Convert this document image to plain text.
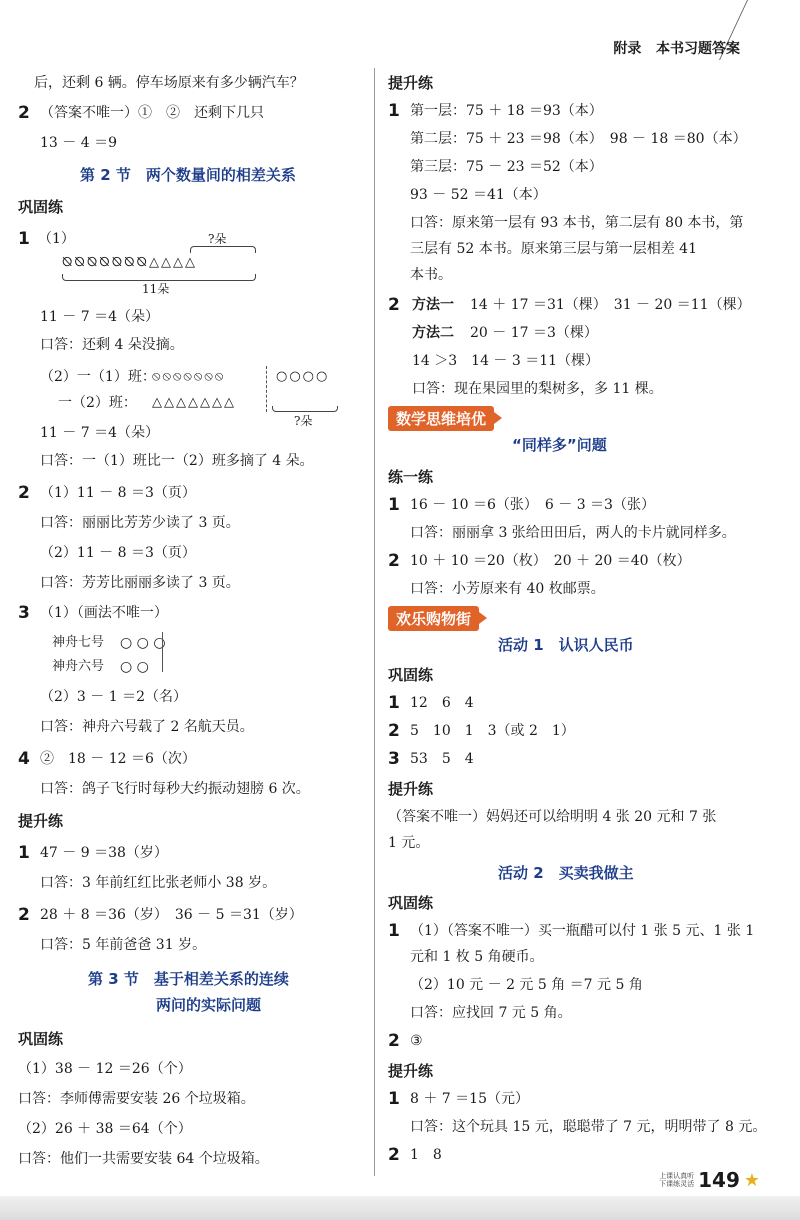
附录 本书习题答案
后，还剩 6 辆。停车场原来有多少辆汽车？
2 （答案不唯一）①　②　还剩下几只
13 － 4 ＝9
第 2 节　两个数量间的相差关系
巩固练
1 （1）	?朵
⦰⦰⦰⦰⦰⦰⦰△△△△
11朵
11 － 7 ＝4（朵）
口答：还剩 4 朵没摘。
（2）一（1）班：
⦸⦸⦸⦸⦸⦸⦸	○○○○
一（2）班： △△△△△△△
?朵
11 － 7 ＝4（朵）
口答：一（1）班比一（2）班多摘了 4 朵。
2 （1）11 － 8 ＝3（页）
口答：丽丽比芳芳少读了 3 页。
（2）11 － 8 ＝3（页）
口答：芳芳比丽丽多读了 3 页。
3 （1）（画法不唯一）
神舟七号 ○ ○ ○
神舟六号 ○ ○
（2）3 － 1 ＝2（名）
口答：神舟六号载了 2 名航天员。
4 ②　18 － 12 ＝6（次）
口答：鸽子飞行时每秒大约振动翅膀 6 次。
提升练
1 47 － 9 ＝38（岁）
口答：3 年前红红比张老师小 38 岁。
2 28 ＋ 8 ＝36（岁）　36 － 5 ＝31（岁）
口答：5 年前爸爸 31 岁。
第 3 节　基于相差关系的连续
两问的实际问题
巩固练
（1）38 － 12 ＝26（个）
口答：李师傅需要安装 26 个垃圾箱。
（2）26 ＋ 38 ＝64（个）
口答：他们一共需要安装 64 个垃圾箱。
提升练
1 第一层：75 ＋ 18 ＝93（本）
第二层：75 ＋ 23 ＝98（本）　98 － 18 ＝80（本）
第三层：75 － 23 ＝52（本）
93 － 52 ＝41（本）
口答：原来第一层有 93 本书，第二层有 80 本书，第
三层有 52 本书。原来第三层与第一层相差 41
本书。
2 方法一 14 ＋ 17 ＝31（棵）　31 － 20 ＝11（棵）
方法二 20 － 17 ＝3（棵）
14 ＞3　14 － 3 ＝11（棵）
口答：现在果园里的梨树多，多 11 棵。
数学思维培优
“同样多”问题
练一练
1 16 － 10 ＝6（张）　6 － 3 ＝3（张）
口答：丽丽拿 3 张给田田后，两人的卡片就同样多。
2 10 ＋ 10 ＝20（枚）　20 ＋ 20 ＝40（枚）
口答：小芳原来有 40 枚邮票。
欢乐购物街
活动 1　认识人民币
巩固练
1 12　6　4
2 5　10　1　3（或 2　1）
3 53　5　4
提升练
（答案不唯一）妈妈还可以给明明 4 张 20 元和 7 张
1 元。
活动 2　买卖我做主
巩固练
1 （1）（答案不唯一）买一瓶醋可以付 1 张 5 元、1 张 1
元和 1 枚 5 角硬币。
（2）10 元 － 2 元 5 角 ＝7 元 5 角
口答：应找回 7 元 5 角。
2 ③
提升练
1 8 ＋ 7 ＝15（元）
口答：这个玩具 15 元，聪聪带了 7 元，明明带了 8 元。
2 1　8
上课认真听
下课练灵活 149 ★
